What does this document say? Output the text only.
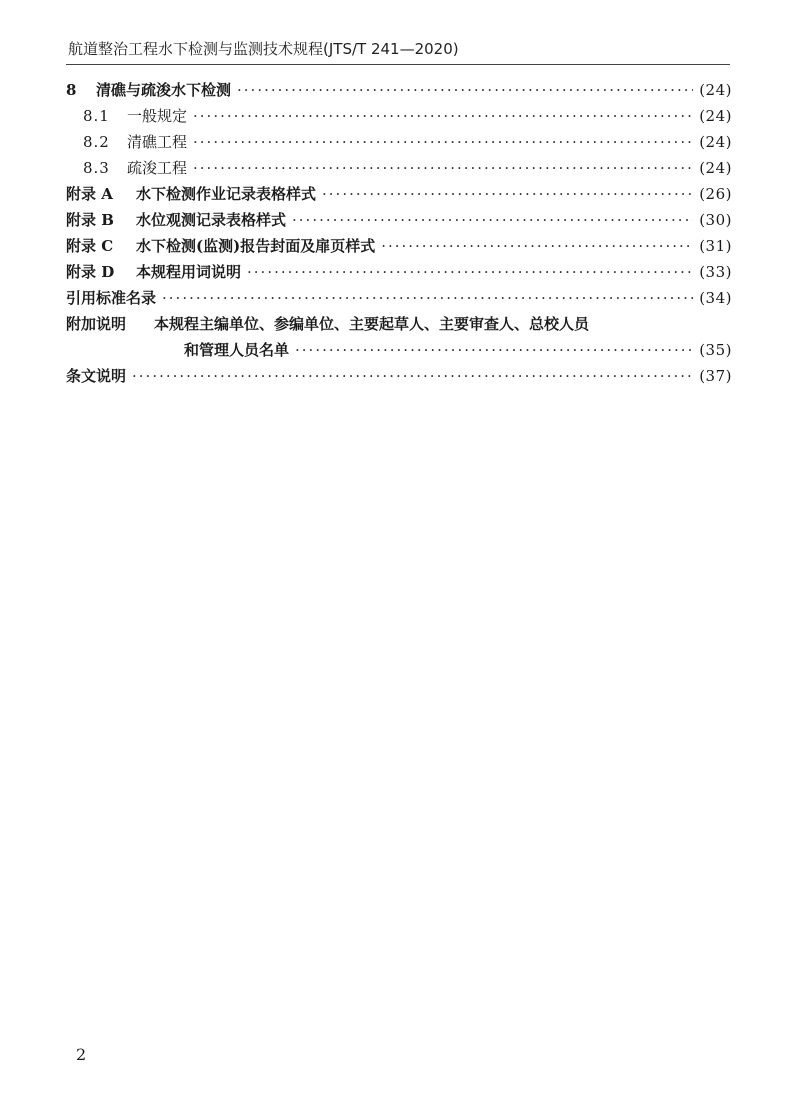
航道整治工程水下检测与监测技术规程(JTS/T 241—2020)
8	清礁与疏浚水下检测 ·····	(24)
8.1	一般规定 ·····	(24)
8.2	清礁工程 ·····	(24)
8.3	疏浚工程 ·····	(24)
附录 A	水下检测作业记录表格样式 ·····	(26)
附录 B	水位观测记录表格样式 ·····	(30)
附录 C	水下检测(监测)报告封面及扉页样式 ·····	(31)
附录 D	本规程用词说明 ·····	(33)
引用标准名录 ·····	(34)
附加说明	本规程主编单位、参编单位、主要起草人、主要审查人、总校人员
和管理人员名单 ·····	(35)
条文说明 ·····	(37)
2
